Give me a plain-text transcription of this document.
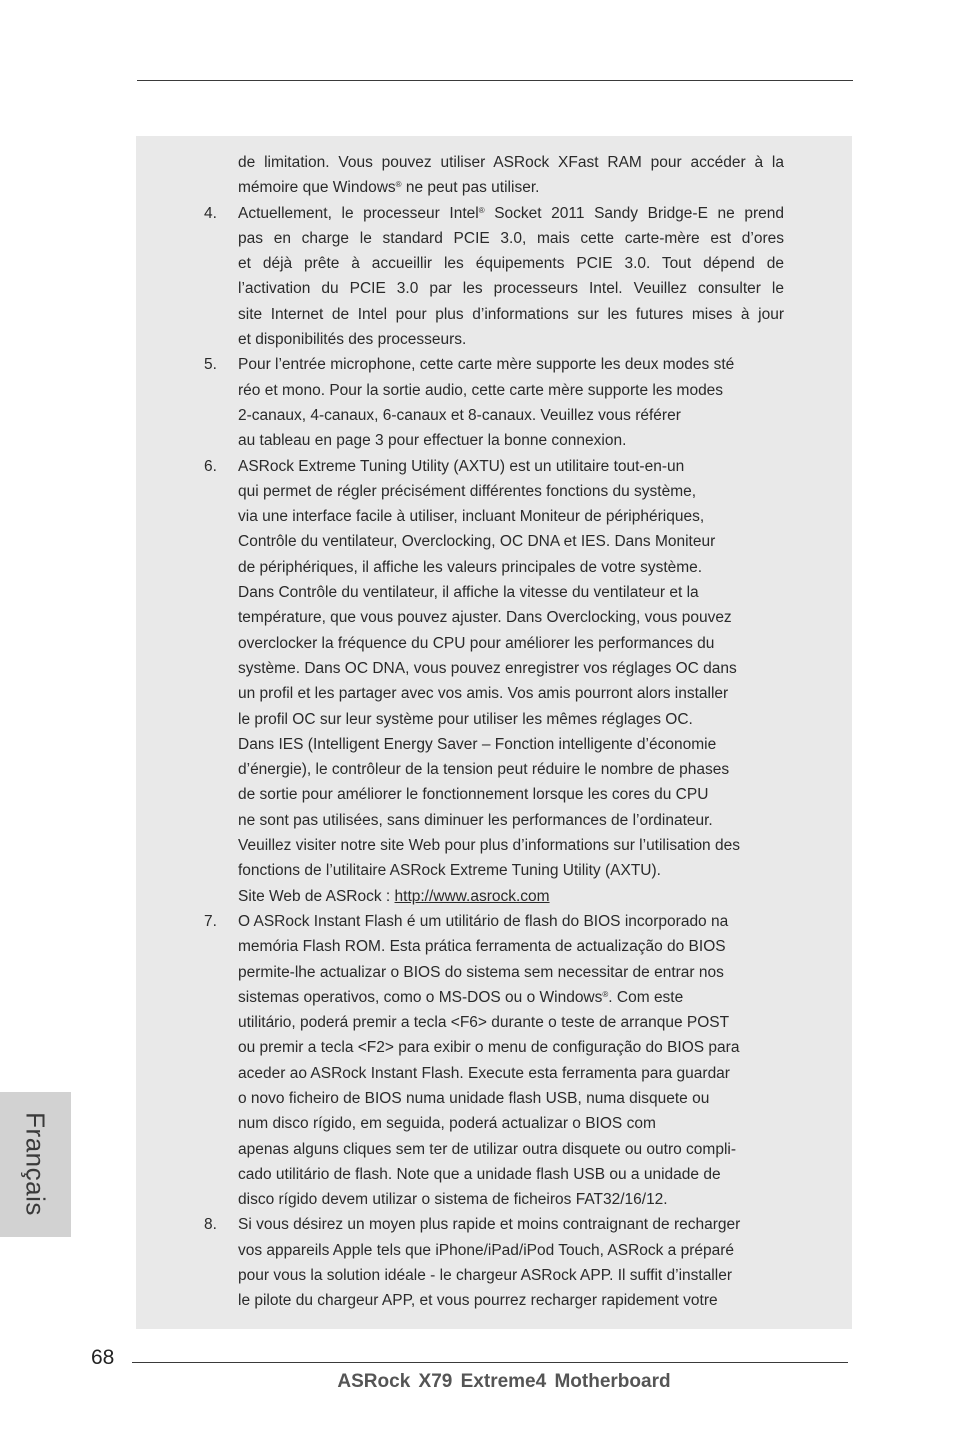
de limitation. Vous pouvez utiliser ASRock XFast RAM pour accéder à la
mémoire que Windows® ne peut pas utiliser.
4. Actuellement, le processeur Intel® Socket 2011 Sandy Bridge-E ne prend
pas en charge le standard PCIE 3.0, mais cette carte-mère est d’ores
et déjà prête à accueillir les équipements PCIE 3.0. Tout dépend de
l’activation du PCIE 3.0 par les processeurs Intel. Veuillez consulter le
site Internet de Intel pour plus d’informations sur les futures mises à jour
et disponibilités des processeurs.
5. Pour l’entrée microphone, cette carte mère supporte les deux modes sté
réo et mono. Pour la sortie audio, cette carte mère supporte les modes
2-canaux, 4-canaux, 6-canaux et 8-canaux. Veuillez vous référer
au tableau en page 3 pour effectuer la bonne connexion.
6. ASRock Extreme Tuning Utility (AXTU) est un utilitaire tout-en-un
qui permet de régler précisément différentes fonctions du système,
via une interface facile à utiliser, incluant Moniteur de périphériques,
Contrôle du ventilateur, Overclocking, OC DNA et IES. Dans Moniteur
de périphériques, il affiche les valeurs principales de votre système.
Dans Contrôle du ventilateur, il affiche la vitesse du ventilateur et la
température, que vous pouvez ajuster. Dans Overclocking, vous pouvez
overclocker la fréquence du CPU pour améliorer les performances du
système. Dans OC DNA, vous pouvez enregistrer vos réglages OC dans
un profil et les partager avec vos amis. Vos amis pourront alors installer
le profil OC sur leur système pour utiliser les mêmes réglages OC.
Dans IES (Intelligent Energy Saver – Fonction intelligente d’économie
d’énergie), le contrôleur de la tension peut réduire le nombre de phases
de sortie pour améliorer le fonctionnement lorsque les cores du CPU
ne sont pas utilisées, sans diminuer les performances de l’ordinateur.
Veuillez visiter notre site Web pour plus d’informations sur l’utilisation des
fonctions de l’utilitaire ASRock Extreme Tuning Utility (AXTU).
Site Web de ASRock : http://www.asrock.com
7. O ASRock Instant Flash é um utilitário de flash do BIOS incorporado na
memória Flash ROM. Esta prática ferramenta de actualização do BIOS
permite-lhe actualizar o BIOS do sistema sem necessitar de entrar nos
sistemas operativos, como o MS-DOS ou o Windows®. Com este
utilitário, poderá premir a tecla <F6> durante o teste de arranque POST
ou premir a tecla <F2> para exibir o menu de configuração do BIOS para
aceder ao ASRock Instant Flash. Execute esta ferramenta para guardar
o novo ficheiro de BIOS numa unidade flash USB, numa disquete ou
num disco rígido, em seguida, poderá actualizar o BIOS com
apenas alguns cliques sem ter de utilizar outra disquete ou outro compli-
cado utilitário de flash. Note que a unidade flash USB ou a unidade de
disco rígido devem utilizar o sistema de ficheiros FAT32/16/12.
8. Si vous désirez un moyen plus rapide et moins contraignant de recharger
vos appareils Apple tels que iPhone/iPad/iPod Touch, ASRock a préparé
pour vous la solution idéale - le chargeur ASRock APP. Il suffit d’installer
le pilote du chargeur APP, et vous pourrez recharger rapidement votre
Français
68
ASRock X79 Extreme4 Motherboard
